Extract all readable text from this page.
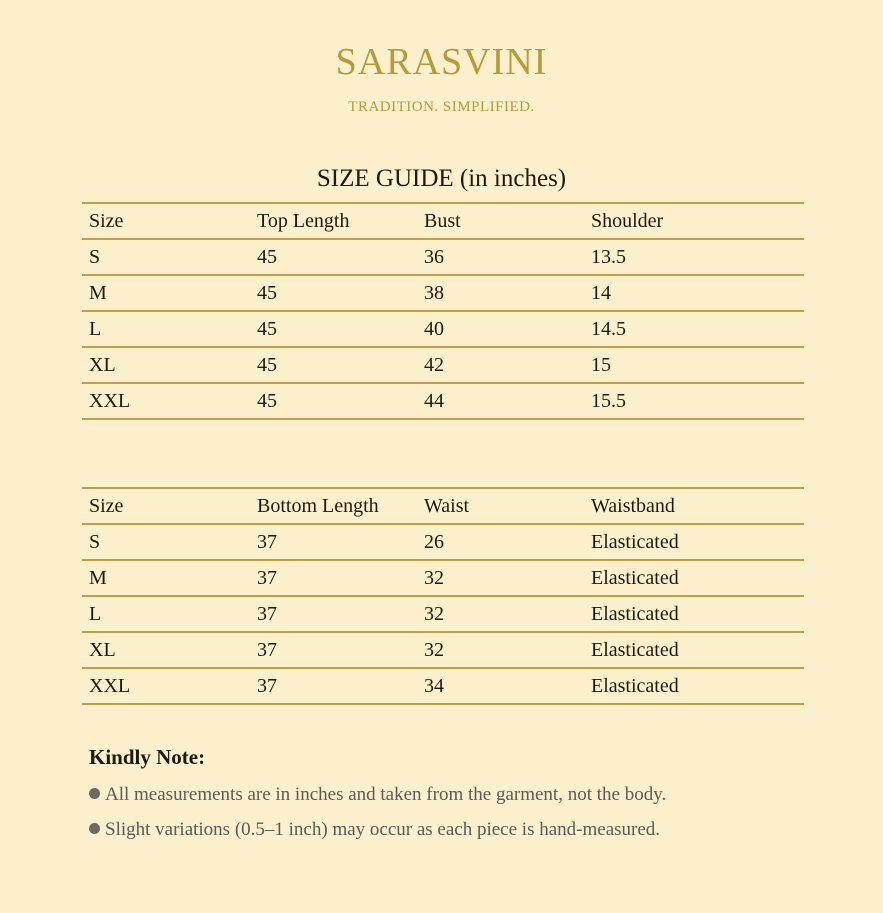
SARASVINI
TRADITION. SIMPLIFIED.
SIZE GUIDE (in inches)
Size	Top Length	Bust	Shoulder
S	45	36	13.5
M	45	38	14
L	45	40	14.5
XL	45	42	15
XXL	45	44	15.5
Size	Bottom Length	Waist	Waistband
S	37	26	Elasticated
M	37	32	Elasticated
L	37	32	Elasticated
XL	37	32	Elasticated
XXL	37	34	Elasticated
Kindly Note:
All measurements are in inches and taken from the garment, not the body.
Slight variations (0.5–1 inch) may occur as each piece is hand-measured.
